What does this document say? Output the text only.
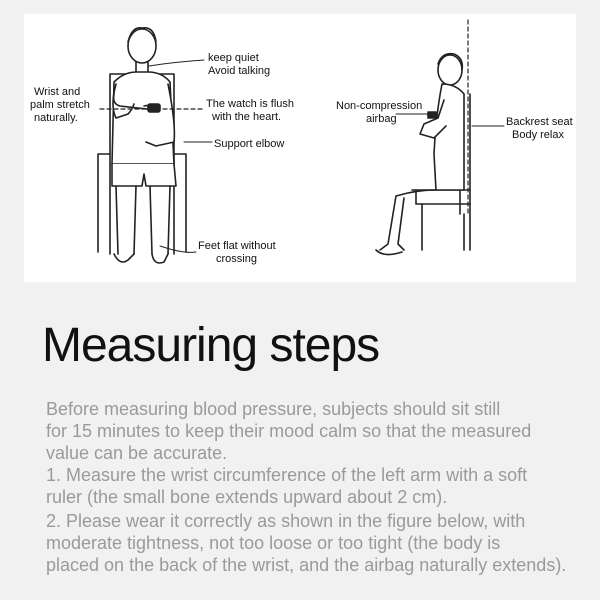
keep quiet
Avoid talking
Wrist and
palm stretch
naturally.
The watch is flush
with the heart.
Support elbow
Feet flat without
crossing
Non-compression
airbag	Backrest seat
Body relax
Measuring steps

Before measuring blood pressure, subjects should sit still

for 15 minutes to keep their mood calm so that the measured

value can be accurate.

1. Measure the wrist circumference of the left arm with a soft

ruler (the small bone extends upward about 2 cm).

2. Please wear it correctly as shown in the figure below, with

moderate tightness, not too loose or too tight (the body is

placed on the back of the wrist, and the airbag naturally extends).
